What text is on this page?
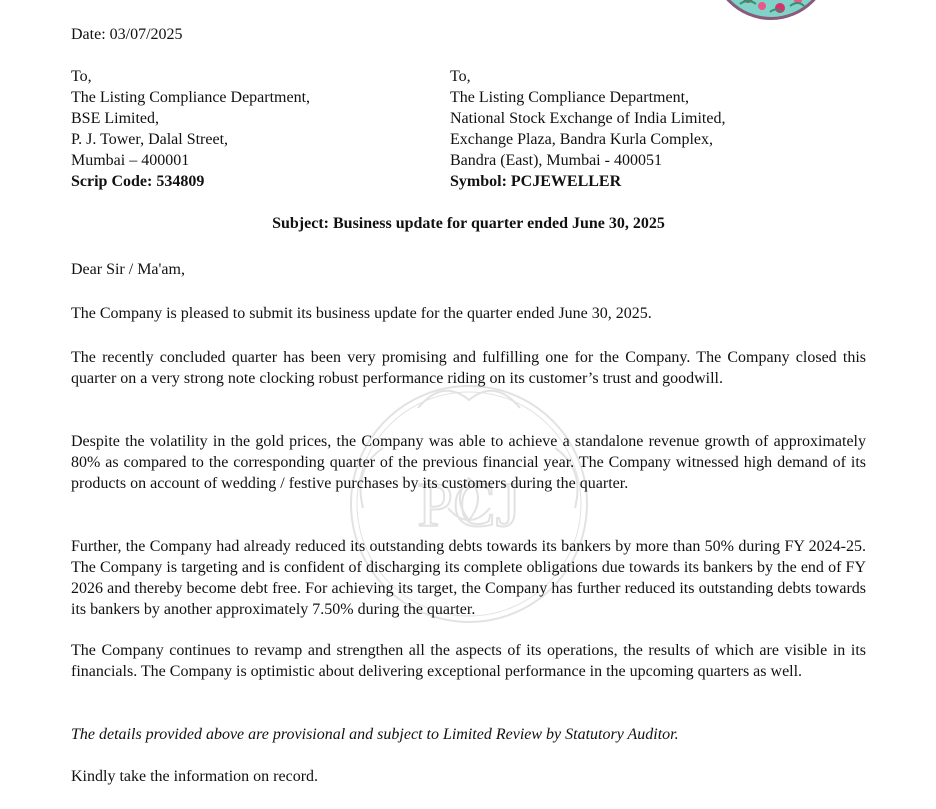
PCJ
Date: 03/07/2025
To,
The Listing Compliance Department,
BSE Limited,
P. J. Tower, Dalal Street,
Mumbai – 400001
Scrip Code: 534809
To,
The Listing Compliance Department,
National Stock Exchange of India Limited,
Exchange Plaza, Bandra Kurla Complex,
Bandra (East), Mumbai - 400051
Symbol: PCJEWELLER
Subject: Business update for quarter ended June 30, 2025

Dear Sir / Ma'am,

The Company is pleased to submit its business update for the quarter ended June 30, 2025.

The recently concluded quarter has been very promising and fulfilling one for the Company. The Company closed this quarter on a very strong note clocking robust performance riding on its customer’s trust and goodwill.

Despite the volatility in the gold prices, the Company was able to achieve a standalone revenue growth of approximately 80% as compared to the corresponding quarter of the previous financial year. The Company witnessed high demand of its products on account of wedding / festive purchases by its customers during the quarter.

Further, the Company had already reduced its outstanding debts towards its bankers by more than 50% during FY 2024-25. The Company is targeting and is confident of discharging its complete obligations due towards its bankers by the end of FY 2026 and thereby become debt free. For achieving its target, the Company has further reduced its outstanding debts towards its bankers by another approximately 7.50% during the quarter.

The Company continues to revamp and strengthen all the aspects of its operations, the results of which are visible in its financials. The Company is optimistic about delivering exceptional performance in the upcoming quarters as well.

The details provided above are provisional and subject to Limited Review by Statutory Auditor.

Kindly take the information on record.
